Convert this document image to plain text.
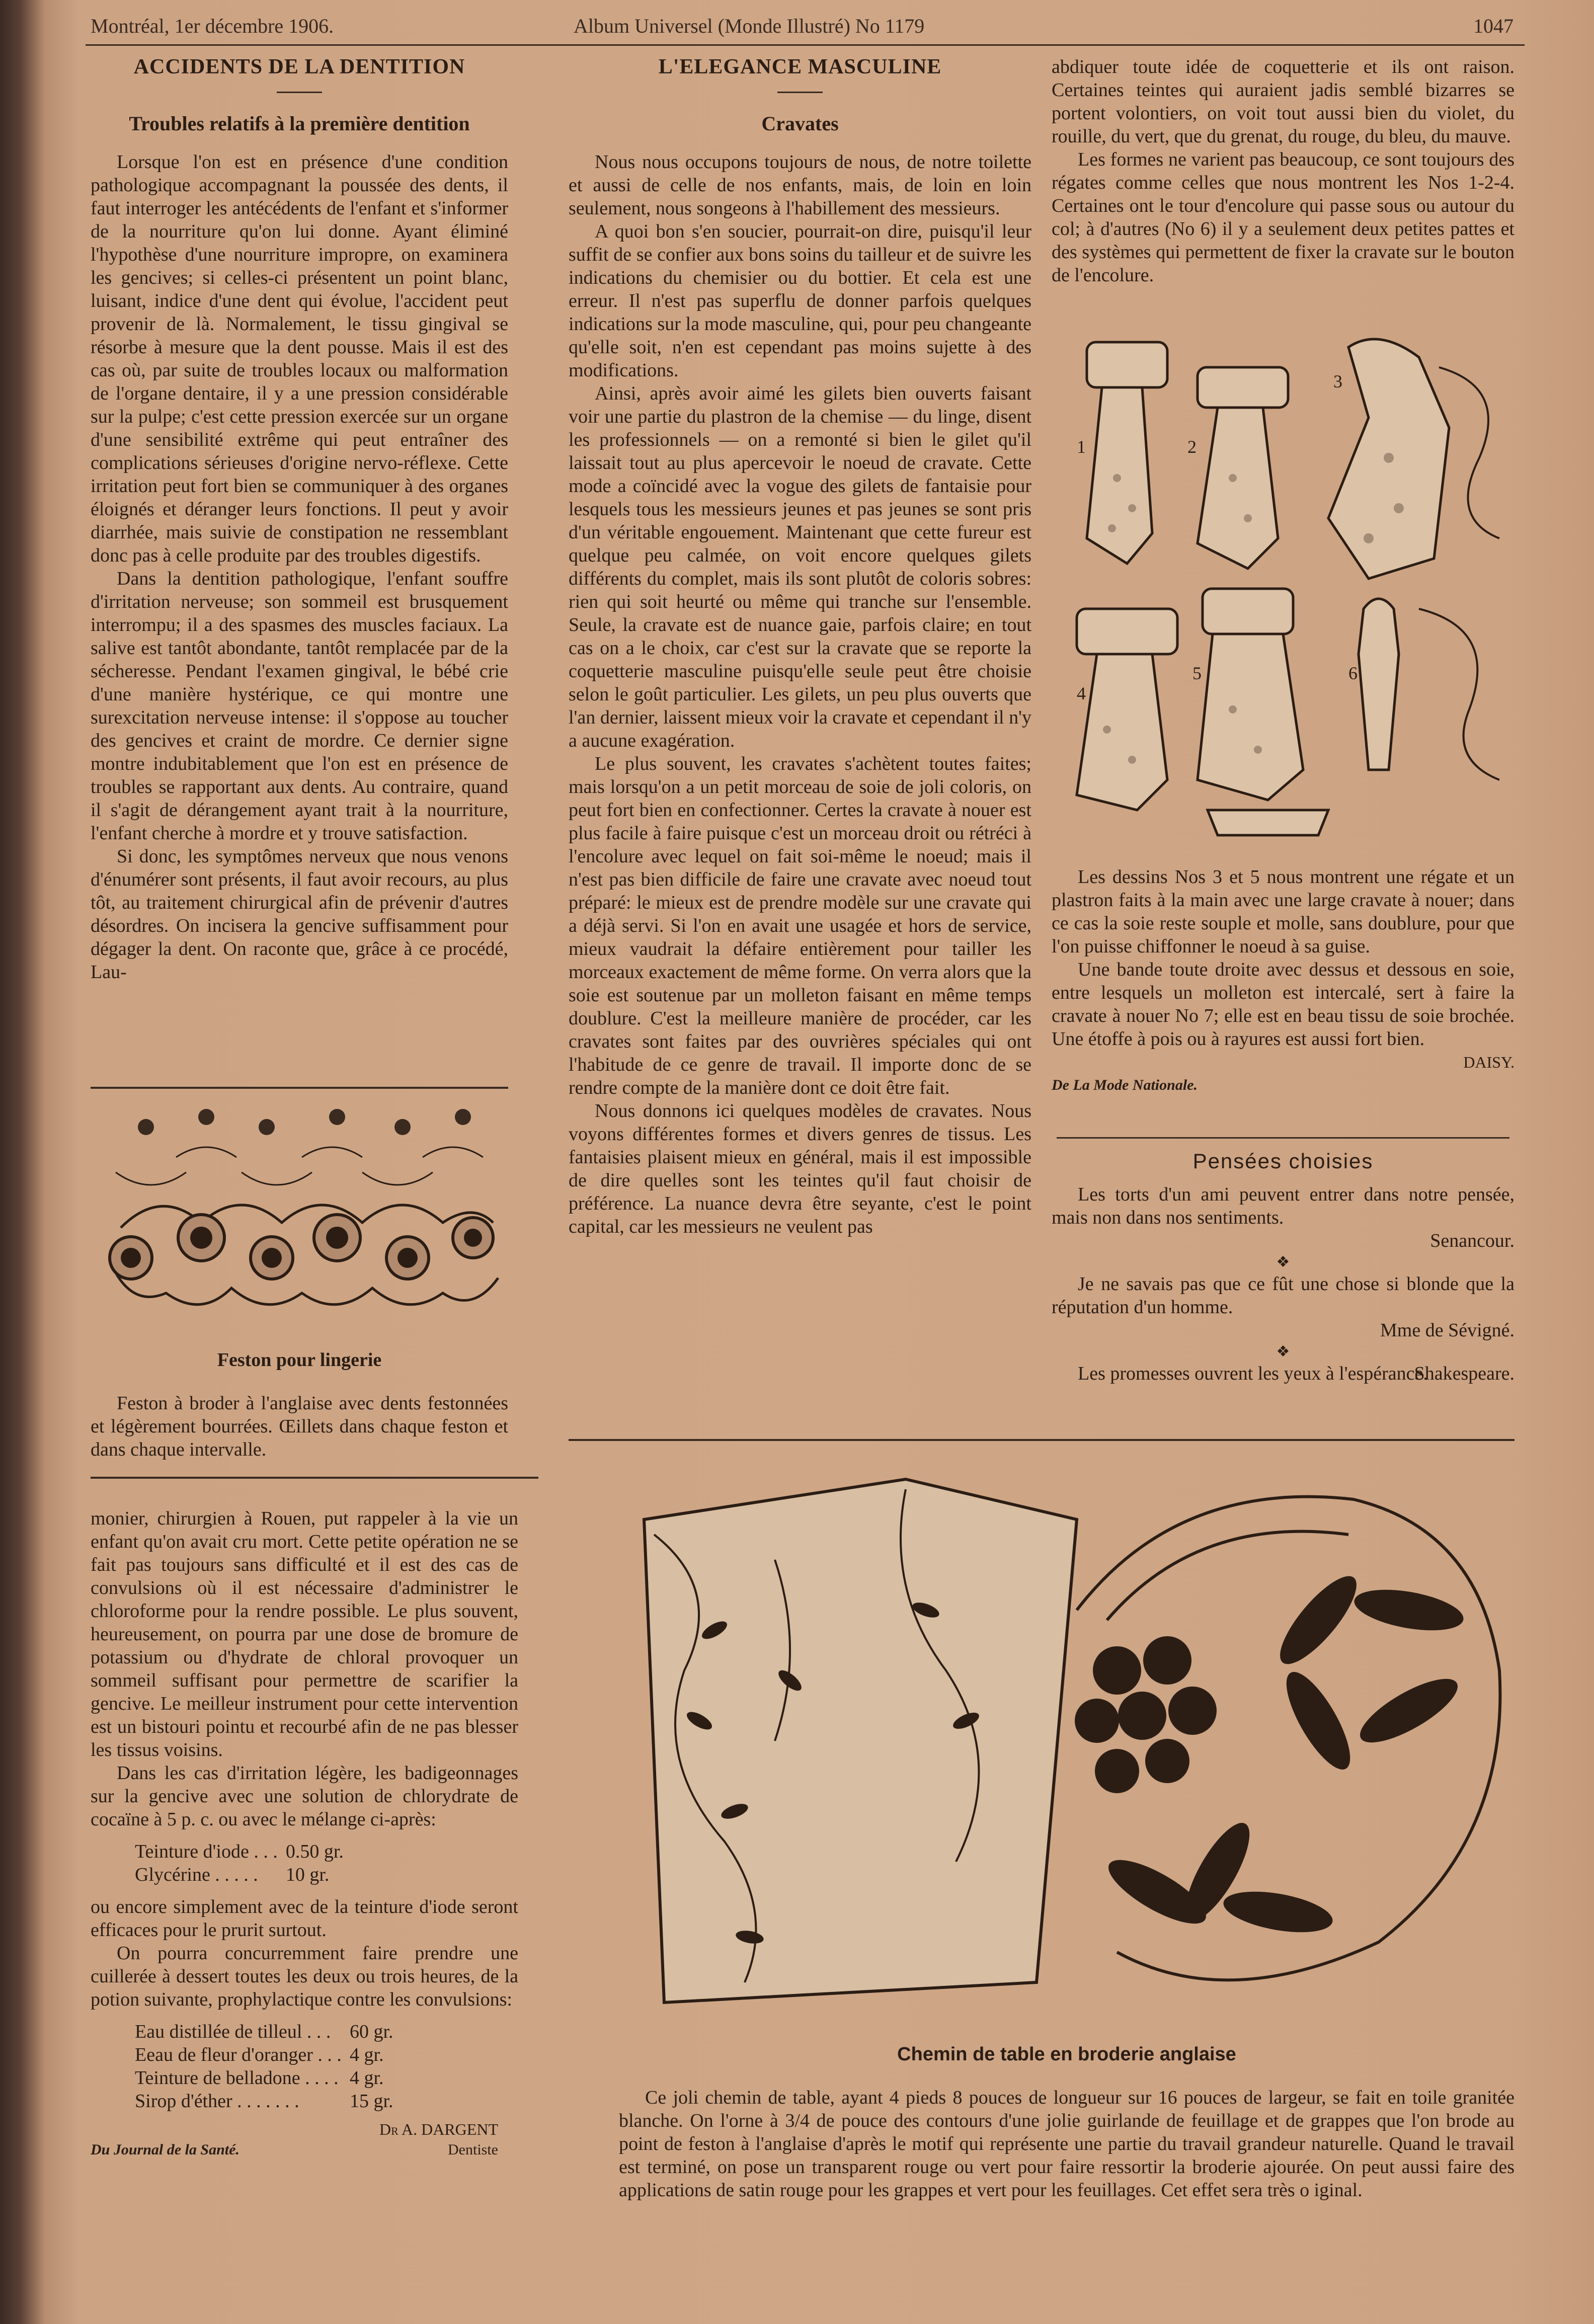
Montréal, 1er décembre 1906.	Album Universel (Monde Illustré) No 1179	1047
ACCIDENTS DE LA DENTITION
Troubles relatifs à la première dentition

Lorsque l'on est en présence d'une condition pathologique accompagnant la poussée des dents, il faut interroger les antécédents de l'enfant et s'informer de la nourriture qu'on lui donne. Ayant éliminé l'hypothèse d'une nourriture impropre, on examinera les gencives; si celles-ci présentent un point blanc, luisant, indice d'une dent qui évolue, l'accident peut provenir de là. Normalement, le tissu gingival se résorbe à mesure que la dent pousse. Mais il est des cas où, par suite de troubles locaux ou malformation de l'organe dentaire, il y a une pression considérable sur la pulpe; c'est cette pression exercée sur un organe d'une sensibilité extrême qui peut entraîner des complications sérieuses d'origine nervo-réflexe. Cette irritation peut fort bien se communiquer à des organes éloignés et déranger leurs fonctions. Il peut y avoir diarrhée, mais suivie de constipation ne ressemblant donc pas à celle produite par des troubles digestifs.

Dans la dentition pathologique, l'enfant souffre d'irritation nerveuse; son sommeil est brusquement interrompu; il a des spasmes des muscles faciaux. La salive est tantôt abondante, tantôt remplacée par de la sécheresse. Pendant l'examen gingival, le bébé crie d'une manière hystérique, ce qui montre une surexcitation nerveuse intense: il s'oppose au toucher des gencives et craint de mordre. Ce dernier signe montre indubitablement que l'on est en présence de troubles se rapportant aux dents. Au contraire, quand il s'agit de dérangement ayant trait à la nourriture, l'enfant cherche à mordre et y trouve satisfaction.

Si donc, les symptômes nerveux que nous venons d'énumérer sont présents, il faut avoir recours, au plus tôt, au traitement chirurgical afin de prévenir d'autres désordres. On incisera la gencive suffisamment pour dégager la dent. On raconte que, grâce à ce procédé, Lau-

Feston pour lingerie

Feston à broder à l'anglaise avec dents festonnées et légèrement bourrées. Œillets dans chaque feston et dans chaque intervalle.

monier, chirurgien à Rouen, put rappeler à la vie un enfant qu'on avait cru mort. Cette petite opération ne se fait pas toujours sans difficulté et il est des cas de convulsions où il est nécessaire d'administrer le chloroforme pour la rendre possible. Le plus souvent, heureusement, on pourra par une dose de bromure de potassium ou d'hydrate de chloral provoquer un sommeil suffisant pour permettre de scarifier la gencive. Le meilleur instrument pour cette intervention est un bistouri pointu et recourbé afin de ne pas blesser les tissus voisins.

Dans les cas d'irritation légère, les badigeonnages sur la gencive avec une solution de chlorydrate de cocaïne à 5 p. c. ou avec le mélange ci-après:

Teinture d'iode . . .	0.50 gr.
Glycérine . . . . .	10 gr.

ou encore simplement avec de la teinture d'iode seront efficaces pour le prurit surtout.

On pourra concurremment faire prendre une cuillerée à dessert toutes les deux ou trois heures, de la potion suivante, prophylactique contre les convulsions:

Eau distillée de tilleul . . .	60 gr.
Eeau de fleur d'oranger . . .	4 gr.
Teinture de belladone . . . .	4 gr.
Sirop d'éther . . . . . . .	15 gr.
Dr A. DARGENT
Du Journal de la Santé.	Dentiste
L'ELEGANCE MASCULINE
Cravates

Nous nous occupons toujours de nous, de notre toilette et aussi de celle de nos enfants, mais, de loin en loin seulement, nous songeons à l'habillement des messieurs.

A quoi bon s'en soucier, pourrait-on dire, puisqu'il leur suffit de se confier aux bons soins du tailleur et de suivre les indications du chemisier ou du bottier. Et cela est une erreur. Il n'est pas superflu de donner parfois quelques indications sur la mode masculine, qui, pour peu changeante qu'elle soit, n'en est cependant pas moins sujette à des modifications.

Ainsi, après avoir aimé les gilets bien ouverts faisant voir une partie du plastron de la chemise — du linge, disent les professionnels — on a remonté si bien le gilet qu'il laissait tout au plus apercevoir le noeud de cravate. Cette mode a coïncidé avec la vogue des gilets de fantaisie pour lesquels tous les messieurs jeunes et pas jeunes se sont pris d'un véritable engouement. Maintenant que cette fureur est quelque peu calmée, on voit encore quelques gilets différents du complet, mais ils sont plutôt de coloris sobres: rien qui soit heurté ou même qui tranche sur l'ensemble. Seule, la cravate est de nuance gaie, parfois claire; en tout cas on a le choix, car c'est sur la cravate que se reporte la coquetterie masculine puisqu'elle seule peut être choisie selon le goût particulier. Les gilets, un peu plus ouverts que l'an dernier, laissent mieux voir la cravate et cependant il n'y a aucune exagération.

Le plus souvent, les cravates s'achètent toutes faites; mais lorsqu'on a un petit morceau de soie de joli coloris, on peut fort bien en confectionner. Certes la cravate à nouer est plus facile à faire puisque c'est un morceau droit ou rétréci à l'encolure avec lequel on fait soi-même le noeud; mais il n'est pas bien difficile de faire une cravate avec noeud tout préparé: le mieux est de prendre modèle sur une cravate qui a déjà servi. Si l'on en avait une usagée et hors de service, mieux vaudrait la défaire entièrement pour tailler les morceaux exactement de même forme. On verra alors que la soie est soutenue par un molleton faisant en même temps doublure. C'est la meilleure manière de procéder, car les cravates sont faites par des ouvrières spéciales qui ont l'habitude de ce genre de travail. Il importe donc de se rendre compte de la manière dont ce doit être fait.

Nous donnons ici quelques modèles de cravates. Nous voyons différentes formes et divers genres de tissus. Les fantaisies plaisent mieux en général, mais il est impossible de dire quelles sont les teintes qu'il faut choisir de préférence. La nuance devra être seyante, c'est le point capital, car les messieurs ne veulent pas

abdiquer toute idée de coquetterie et ils ont raison. Certaines teintes qui auraient jadis semblé bizarres se portent volontiers, on voit tout aussi bien du violet, du rouille, du vert, que du grenat, du rouge, du bleu, du mauve.

Les formes ne varient pas beaucoup, ce sont toujours des régates comme celles que nous montrent les Nos 1-2-4. Certaines ont le tour d'encolure qui passe sous ou autour du col; à d'autres (No 6) il y a seulement deux petites pattes et des systèmes qui permettent de fixer la cravate sur le bouton de l'encolure.

1	2
3
4
5	6

Les dessins Nos 3 et 5 nous montrent une régate et un plastron faits à la main avec une large cravate à nouer; dans ce cas la soie reste souple et molle, sans doublure, pour que l'on puisse chiffonner le noeud à sa guise.

Une bande toute droite avec dessus et dessous en soie, entre lesquels un molleton est intercalé, sert à faire la cravate à nouer No 7; elle est en beau tissu de soie brochée. Une étoffe à pois ou à rayures est aussi fort bien.

DAISY.
De La Mode Nationale.
Pensées choisies

Les torts d'un ami peuvent entrer dans notre pensée, mais non dans nos sentiments.

Senancour.
❖

Je ne savais pas que ce fût une chose si blonde que la réputation d'un homme.

Mme de Sévigné.
❖

Les promesses ouvrent les yeux à l'espérance.

Shakespeare.
Chemin de table en broderie anglaise

Ce joli chemin de table, ayant 4 pieds 8 pouces de longueur sur 16 pouces de largeur, se fait en toile granitée blanche. On l'orne à 3/4 de pouce des contours d'une jolie guirlande de feuillage et de grappes que l'on brode au point de feston à l'anglaise d'après le motif qui représente une partie du travail grandeur naturelle. Quand le travail est terminé, on pose un transparent rouge ou vert pour faire ressortir la broderie ajourée. On peut aussi faire des applications de satin rouge pour les grappes et vert pour les feuillages. Cet effet sera très o iginal.
